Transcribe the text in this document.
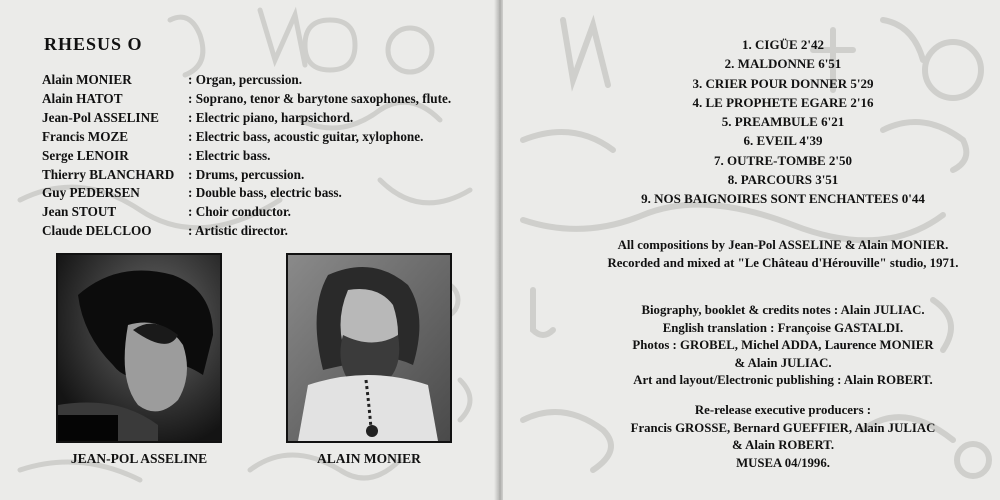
RHESUS O
Alain MONIER	: Organ, percussion.
Alain HATOT	: Soprano, tenor & barytone saxophones, flute.
Jean-Pol ASSELINE	: Electric piano, harpsichord.
Francis MOZE	: Electric bass, acoustic guitar, xylophone.
Serge LENOIR	: Electric bass.
Thierry BLANCHARD	: Drums, percussion.
Guy PEDERSEN	: Double bass, electric bass.
Jean STOUT	: Choir conductor.
Claude DELCLOO	: Artistic director.
JEAN-POL ASSELINE	ALAIN MONIER
1. CIGÜE 2'42
2. MALDONNE 6'51
3. CRIER POUR DONNER 5'29
4. LE PROPHETE EGARE 2'16
5. PREAMBULE 6'21
6. EVEIL 4'39
7. OUTRE-TOMBE 2'50
8. PARCOURS 3'51
9. NOS BAIGNOIRES SONT ENCHANTEES 0'44
All compositions by Jean-Pol ASSELINE & Alain MONIER.
Recorded and mixed at "Le Château d'Hérouville" studio, 1971.
Biography, booklet & credits notes : Alain JULIAC.
English translation : Françoise GASTALDI.
Photos : GROBEL, Michel ADDA, Laurence MONIER
& Alain JULIAC.
Art and layout/Electronic publishing : Alain ROBERT.
Re-release executive producers :
Francis GROSSE, Bernard GUEFFIER, Alain JULIAC
& Alain ROBERT.
MUSEA 04/1996.
